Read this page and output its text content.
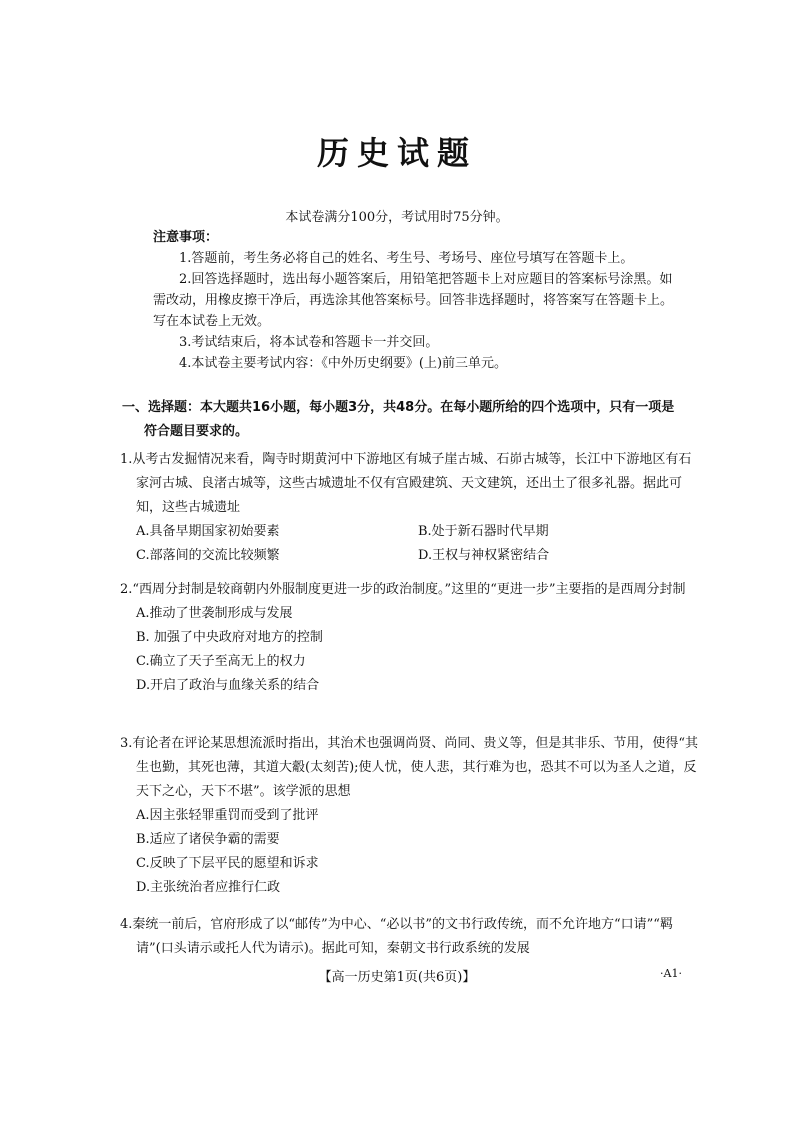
历史试题
本试卷满分100分，考试用时75分钟。
注意事项：
1.答题前，考生务必将自己的姓名、考生号、考场号、座位号填写在答题卡上。
2.回答选择题时，选出每小题答案后，用铅笔把答题卡上对应题目的答案标号涂黑。如需改动，用橡皮擦干净后，再选涂其他答案标号。回答非选择题时，将答案写在答题卡上。写在本试卷上无效。
3.考试结束后，将本试卷和答题卡一并交回。
4.本试卷主要考试内容：《中外历史纲要》(上)前三单元。
一、选择题：本大题共16小题，每小题3分，共48分。在每小题所给的四个选项中，只有一项是
符合题目要求的。
1.从考古发掘情况来看，陶寺时期黄河中下游地区有城子崖古城、石峁古城等，长江中下游地区有石家河古城、良渚古城等，这些古城遗址不仅有宫殿建筑、天文建筑，还出土了很多礼器。据此可知，这些古城遗址
A.具备早期国家初始要素	B.处于新石器时代早期
C.部落间的交流比较频繁	D.王权与神权紧密结合
2.“西周分封制是较商朝内外服制度更进一步的政治制度。”这里的“更进一步”主要指的是西周分封制
A.推动了世袭制形成与发展
B. 加强了中央政府对地方的控制
C.确立了天子至高无上的权力
D.开启了政治与血缘关系的结合
3.有论者在评论某思想流派时指出，其治术也强调尚贤、尚同、贵义等，但是其非乐、节用，使得“其生也勤，其死也薄，其道大觳(太刻苦);使人忧，使人悲，其行难为也，恐其不可以为圣人之道，反天下之心，天下不堪”。该学派的思想
A.因主张轻罪重罚而受到了批评
B.适应了诸侯争霸的需要
C.反映了下层平民的愿望和诉求
D.主张统治者应推行仁政
4.秦统一前后，官府形成了以“邮传”为中心、“必以书”的文书行政传统，而不允许地方“口请”“羁请”(口头请示或托人代为请示)。据此可知，秦朝文书行政系统的发展
【高一历史第1页(共6页)】	·A1·
